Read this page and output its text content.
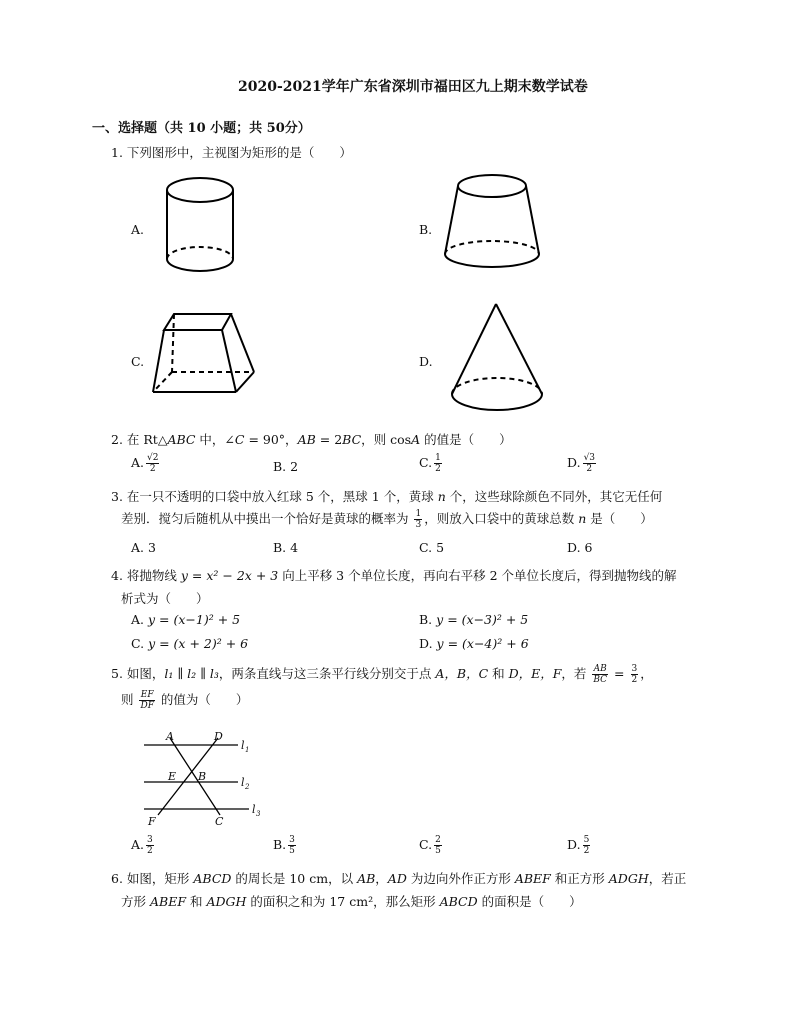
2020-2021学年广东省深圳市福田区九上期末数学试卷
一、选择题（共 10 小题；共 50分）
1. 下列图形中，主视图为矩形的是（　　）
A.	B.
C.	D.
2. 在 Rt△ABC 中，∠C = 90°，AB = 2BC，则 cosA 的值是（　　）
A. $\frac{√2}{2}$	B. 2	C. $\frac{1}{2}$	D. $\frac{√3}{2}$
3. 在一只不透明的口袋中放入红球 5 个，黑球 1 个，黄球 n 个，这些球除颜色不同外，其它无任何
差别．搅匀后随机从中摸出一个恰好是黄球的概率为 $\frac{1}{3}$ ，则放入口袋中的黄球总数 n 是（　　）
A. 3	B. 4	C. 5	D. 6
4. 将抛物线 y = x² − 2x + 3 向上平移 3 个单位长度，再向右平移 2 个单位长度后，得到抛物线的解
析式为（　　）
A. y = (x−1)² + 5	B. y = (x−3)² + 5
C. y = (x + 2)² + 6	D. y = (x−4)² + 6
5. 如图，l₁ ∥ l₂ ∥ l₃，两条直线与这三条平行线分别交于点 A，B，C 和 D，E，F，若 $\frac{AB}{BC} = \frac{3}{2}$ ，
则 $\frac{EF}{DF}$ 的值为（　　）
A	D
E B
F	C
l 1
l 2
l 3
A. $\frac{3}{2}$	B. $\frac{3}{5}$	C. $\frac{2}{5}$	D. $\frac{5}{2}$
6. 如图，矩形 ABCD 的周长是 10 cm，以 AB，AD 为边向外作正方形 ABEF 和正方形 ADGH，若正
方形 ABEF 和 ADGH 的面积之和为 17 cm²，那么矩形 ABCD 的面积是（　　）
